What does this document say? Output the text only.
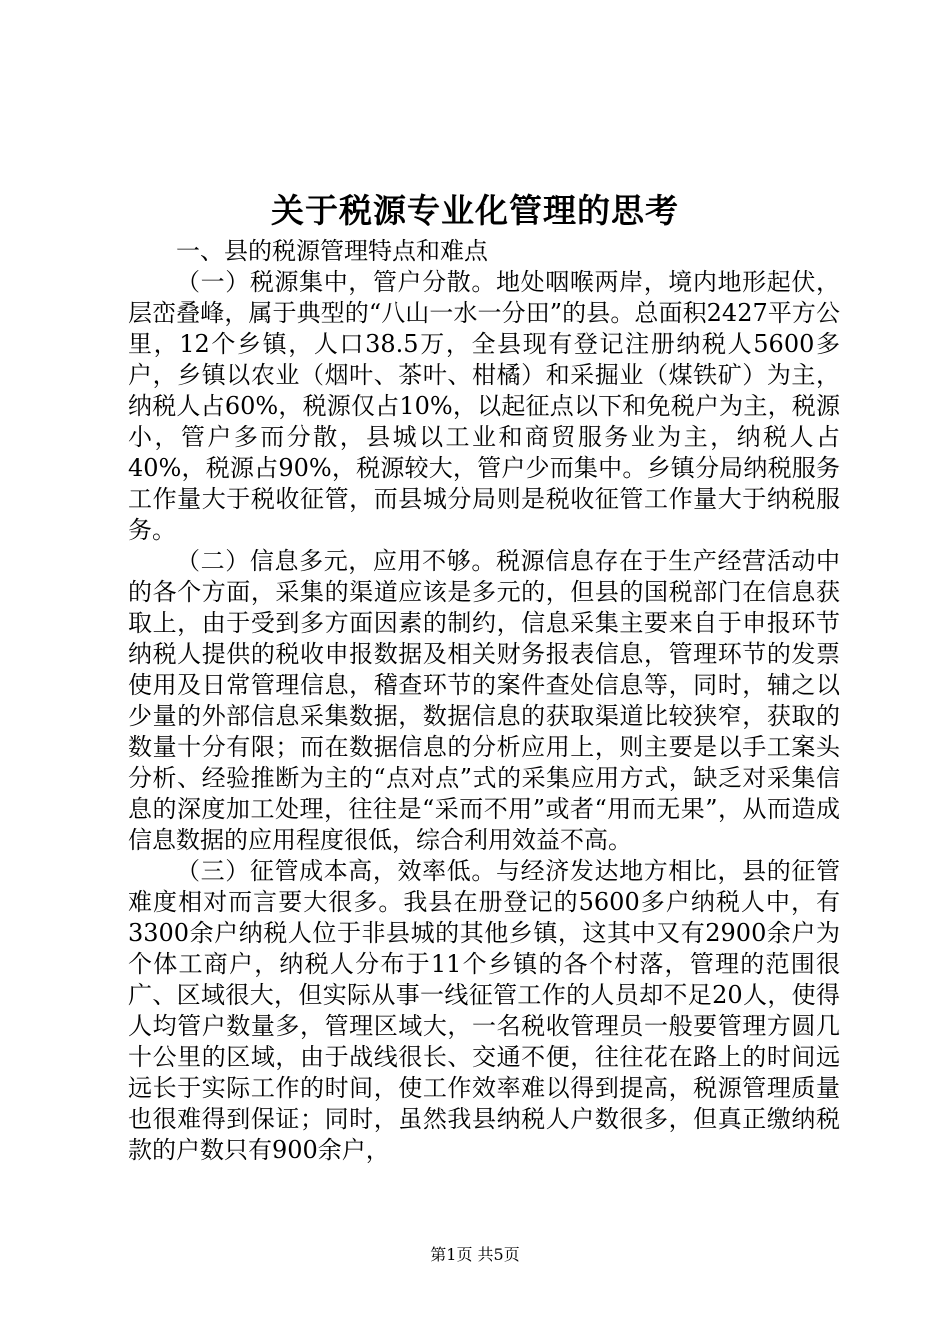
关于税源专业化管理的思考

一、县的税源管理特点和难点

（一）税源集中，管户分散。地处咽喉两岸，境内地形起伏，层峦叠峰，属于典型的“八山一水一分田”的县。总面积2427平方公里，12个乡镇，人口38.5万，全县现有登记注册纳税人5600多户，乡镇以农业（烟叶、茶叶、柑橘）和采掘业（煤铁矿）为主，纳税人占60%，税源仅占10%，以起征点以下和免税户为主，税源小，管户多而分散，县城以工业和商贸服务业为主，纳税人占40%，税源占90%，税源较大，管户少而集中。乡镇分局纳税服务工作量大于税收征管，而县城分局则是税收征管工作量大于纳税服务。

（二）信息多元，应用不够。税源信息存在于生产经营活动中的各个方面，采集的渠道应该是多元的，但县的国税部门在信息获取上，由于受到多方面因素的制约，信息采集主要来自于申报环节纳税人提供的税收申报数据及相关财务报表信息，管理环节的发票使用及日常管理信息，稽查环节的案件查处信息等，同时，辅之以少量的外部信息采集数据，数据信息的获取渠道比较狭窄，获取的数量十分有限；而在数据信息的分析应用上，则主要是以手工案头分析、经验推断为主的“点对点”式的采集应用方式，缺乏对采集信息的深度加工处理，往往是“采而不用”或者“用而无果”，从而造成信息数据的应用程度很低，综合利用效益不高。

（三）征管成本高，效率低。与经济发达地方相比，县的征管难度相对而言要大很多。我县在册登记的5600多户纳税人中，有3300余户纳税人位于非县城的其他乡镇，这其中又有2900余户为个体工商户，纳税人分布于11个乡镇的各个村落，管理的范围很广、区域很大，但实际从事一线征管工作的人员却不足20人，使得人均管户数量多，管理区域大，一名税收管理员一般要管理方圆几十公里的区域，由于战线很长、交通不便，往往花在路上的时间远远长于实际工作的时间，使工作效率难以得到提高，税源管理质量也很难得到保证；同时，虽然我县纳税人户数很多，但真正缴纳税款的户数只有900余户，

第1页 共5页
